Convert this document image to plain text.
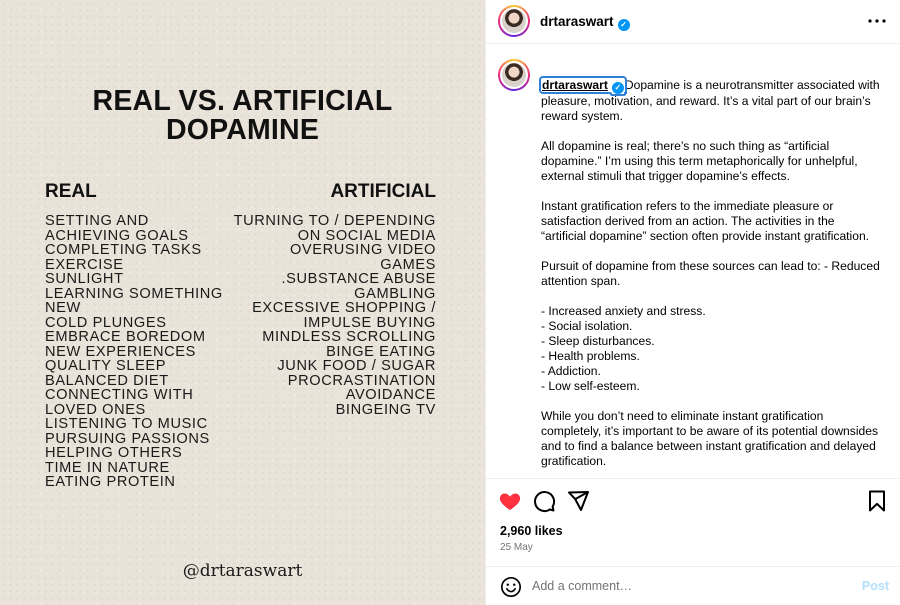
REAL VS. ARTIFICIAL
DOPAMINE
REAL	ARTIFICIAL
SETTING AND
ACHIEVING GOALS
COMPLETING TASKS
EXERCISE
SUNLIGHT
LEARNING SOMETHING
NEW
COLD PLUNGES
EMBRACE BOREDOM
NEW EXPERIENCES
QUALITY SLEEP
BALANCED DIET
CONNECTING WITH
LOVED ONES
LISTENING TO MUSIC
PURSUING PASSIONS
HELPING OTHERS
TIME IN NATURE
EATING PROTEIN
TURNING TO / DEPENDING
ON SOCIAL MEDIA
OVERUSING VIDEO
GAMES
.SUBSTANCE ABUSE
GAMBLING
EXCESSIVE SHOPPING /
IMPULSE BUYING
MINDLESS SCROLLING
BINGE EATING
JUNK FOOD / SUGAR
PROCRASTINATION
AVOIDANCE
BINGEING TV
@drtaraswart
drtaraswart ✓

drtaraswart ✓ Dopamine is a neurotransmitter associated with pleasure, motivation, and reward. It’s a vital part of our brain’s reward system.

All dopamine is real; there’s no such thing as “artificial dopamine.” I’m using this term metaphorically for unhelpful, external stimuli that trigger dopamine’s effects.

Instant gratification refers to the immediate pleasure or satisfaction derived from an action. The activities in the “artificial dopamine” section often provide instant gratification.

Pursuit of dopamine from these sources can lead to: - Reduced attention span.

- Increased anxiety and stress.
- Social isolation.
- Sleep disturbances.
- Health problems.
- Addiction.
- Low self-esteem.

While you don’t need to eliminate instant gratification completely, it’s important to be aware of its potential downsides and to find a balance between instant gratification and delayed gratification.

2,960 likes
25 May
Add a comment…
Post
